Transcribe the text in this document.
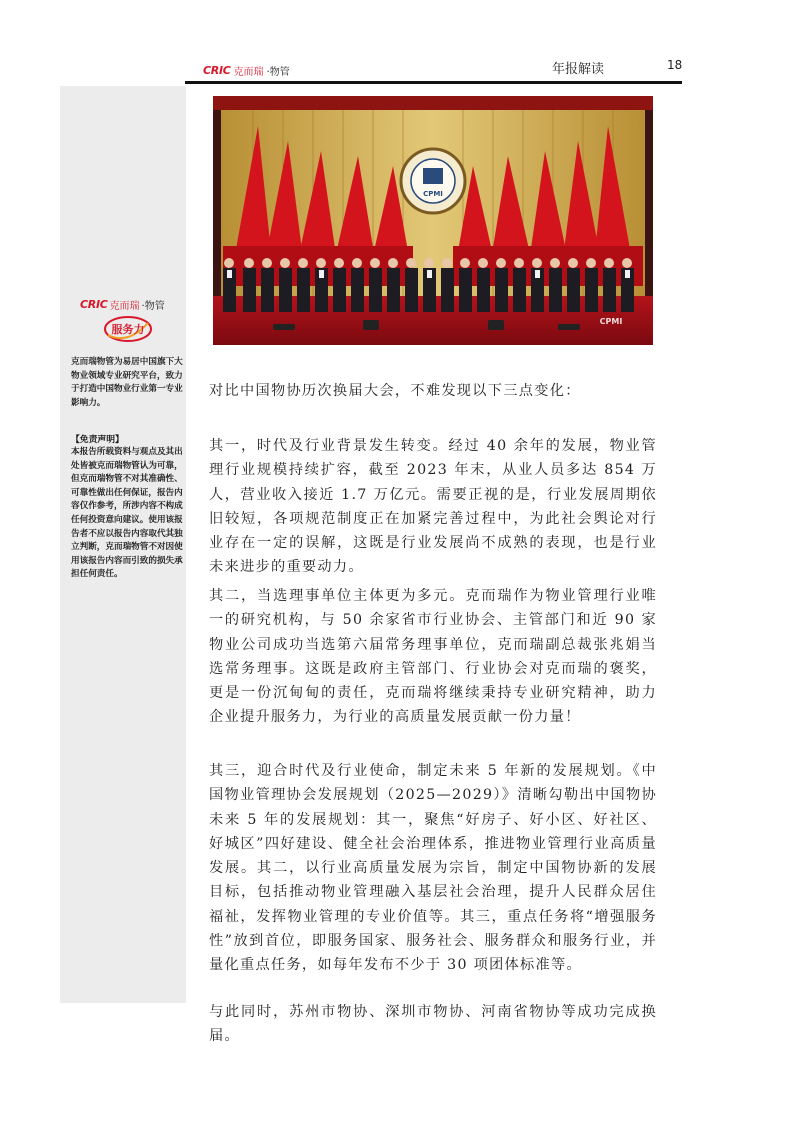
CRIC 克而瑞 ·物管	年报解读	18
CRIC 克而瑞 ·物管
服务力
克而瑞物管为易居中国旗下大物业领域专业研究平台，致力于打造中国物业行业第一专业影响力。
【免责声明】
本报告所载资料与观点及其出处皆被克而瑞物管认为可靠，但克而瑞物管不对其准确性、可靠性做出任何保证，报告内容仅作参考，所涉内容不构成任何投资意向建议。使用该报告者不应以报告内容取代其独立判断，克而瑞物管不对因使用该报告内容而引致的损失承担任何责任。
CPMI
CPMI
对比中国物协历次换届大会，不难发现以下三点变化：
其一，时代及行业背景发生转变。经过 40 余年的发展，物业管理行业规模持续扩容，截至 2023 年末，从业人员多达 854 万人，营业收入接近 1.7 万亿元。需要正视的是，行业发展周期依旧较短，各项规范制度正在加紧完善过程中，为此社会舆论对行业存在一定的误解，这既是行业发展尚不成熟的表现，也是行业未来进步的重要动力。
其二，当选理事单位主体更为多元。克而瑞作为物业管理行业唯一的研究机构，与 50 余家省市行业协会、主管部门和近 90 家物业公司成功当选第六届常务理事单位，克而瑞副总裁张兆娟当选常务理事。这既是政府主管部门、行业协会对克而瑞的褒奖，更是一份沉甸甸的责任，克而瑞将继续秉持专业研究精神，助力企业提升服务力，为行业的高质量发展贡献一份力量！
其三，迎合时代及行业使命，制定未来 5 年新的发展规划。《中国物业管理协会发展规划（2025—2029）》清晰勾勒出中国物协未来 5 年的发展规划：其一，聚焦“好房子、好小区、好社区、好城区”四好建设、健全社会治理体系，推进物业管理行业高质量发展。其二，以行业高质量发展为宗旨，制定中国物协新的发展目标，包括推动物业管理融入基层社会治理，提升人民群众居住福祉，发挥物业管理的专业价值等。其三，重点任务将“增强服务性”放到首位，即服务国家、服务社会、服务群众和服务行业，并量化重点任务，如每年发布不少于 30 项团体标准等。
与此同时，苏州市物协、深圳市物协、河南省物协等成功完成换届。
